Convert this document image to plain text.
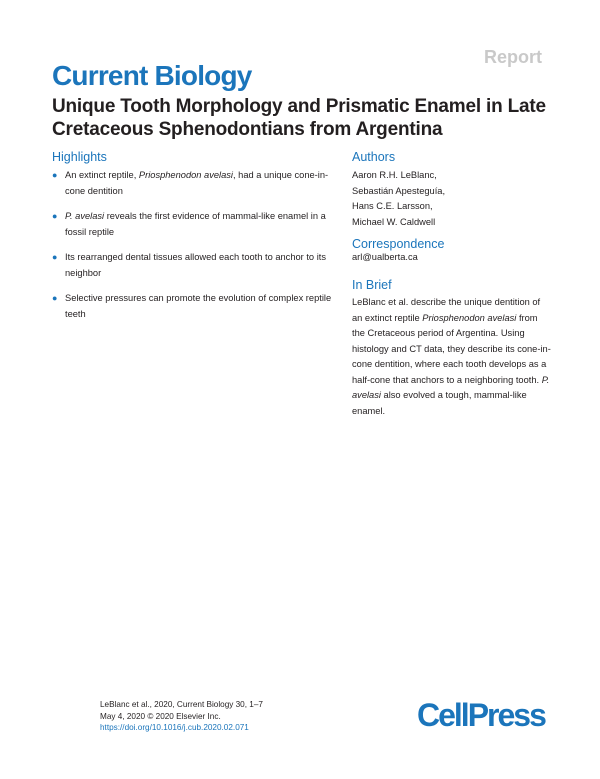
Report
Current Biology
Unique Tooth Morphology and Prismatic Enamel in Late Cretaceous Sphenodontians from Argentina
Highlights
● An extinct reptile, Priosphenodon avelasi, had a unique cone-in-cone dentition
● P. avelasi reveals the first evidence of mammal-like enamel in a fossil reptile
● Its rearranged dental tissues allowed each tooth to anchor to its neighbor
● Selective pressures can promote the evolution of complex reptile teeth
Authors
Aaron R.H. LeBlanc,
Sebastián Apesteguía,
Hans C.E. Larsson,
Michael W. Caldwell
Correspondence
arl@ualberta.ca
In Brief
LeBlanc et al. describe the unique dentition of an extinct reptile Priosphenodon avelasi from the Cretaceous period of Argentina. Using histology and CT data, they describe its cone-in-cone dentition, where each tooth develops as a half-cone that anchors to a neighboring tooth. P. avelasi also evolved a tough, mammal-like enamel.
LeBlanc et al., 2020, Current Biology 30, 1–7
May 4, 2020 © 2020 Elsevier Inc.
https://doi.org/10.1016/j.cub.2020.02.071	CellPress
